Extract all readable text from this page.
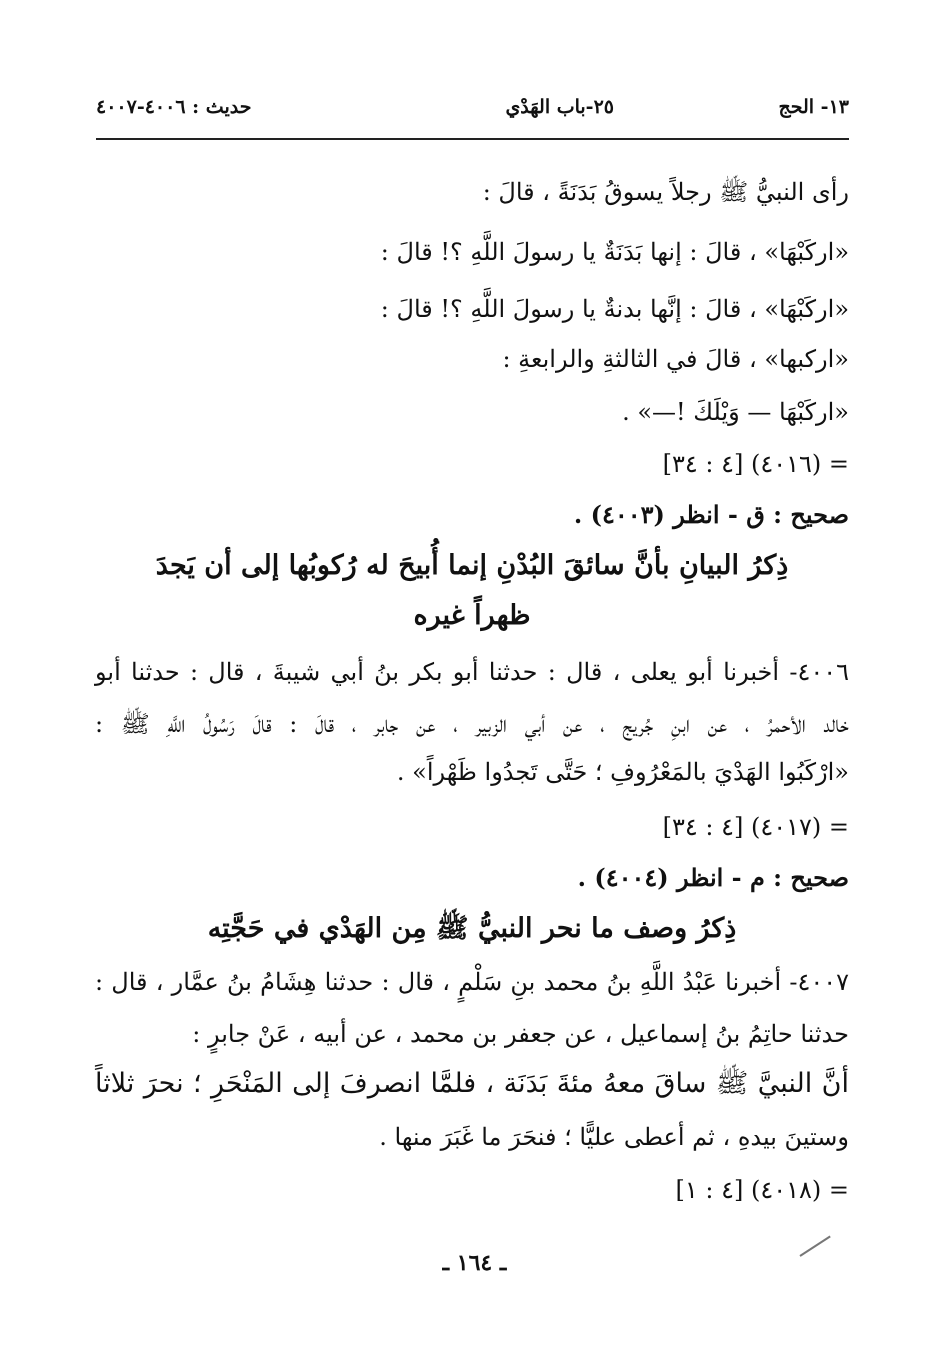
١٣- الحج
٢٥-باب الهَدْي
حديث : ٤٠٠٦-٤٠٠٧
رأى النبيُّ ﷺ رجلاً يسوقُ بَدَنَةً ، قالَ :
«اركَبْهَا» ، قالَ : إنها بَدَنَةٌ يا رسولَ اللَّهِ ؟! قالَ :
«اركَبْهَا» ، قالَ : إنَّها بدنةٌ يا رسولَ اللَّهِ ؟! قالَ :
«اركبها» ، قالَ في الثالثةِ والرابعةِ :
«اركَبْهَا — وَيْلَكَ !—» .
= (٤٠١٦) [٤ : ٣٤]
صحيح : ق - انظر (٤٠٠٣) .
ذِكرُ البيانِ بأنَّ سائقَ البُدْنِ إنما أُبيحَ له رُكوبُها إلى أن يَجدَ
ظهراً غيره
٤٠٠٦- أخبرنا أبو يعلى ، قال : حدثنا أبو بكر بنُ أبي شيبةَ ، قال : حدثنا أبو
خالد الأحمرُ ، عن ابنِ جُريج ، عن أبي الزبير ، عن جابر ، قالَ : قالَ رَسُولُ اللَّهِ ﷺ :
«ارْكَبُوا الهَدْيَ بالمَعْرُوفِ ؛ حَتَّى تَجدُوا ظَهْراً» .
= (٤٠١٧) [٤ : ٣٤]
صحيح : م - انظر (٤٠٠٤) .
ذِكرُ وصف ما نحر النبيُّ ﷺ مِن الهَدْي في حَجَّتِه
٤٠٠٧- أخبرنا عَبْدُ اللَّهِ بنُ محمد بنِ سَلْمٍ ، قال : حدثنا هِشَامُ بنُ عمَّار ، قال :
حدثنا حاتِمُ بنُ إسماعيل ، عن جعفر بن محمد ، عن أبيه ، عَنْ جابرٍ :
أنَّ النبيَّ ﷺ ساقَ معهُ مئةَ بَدَنَة ، فلمَّا انصرفَ إلى المَنْحَرِ ؛ نحرَ ثلاثاً
وستينَ بيدهِ ، ثم أعطى عليًّا ؛ فنحَرَ ما غَبَرَ منها .
= (٤٠١٨) [٤ : ١]
ـ ١٦٤ ـ
